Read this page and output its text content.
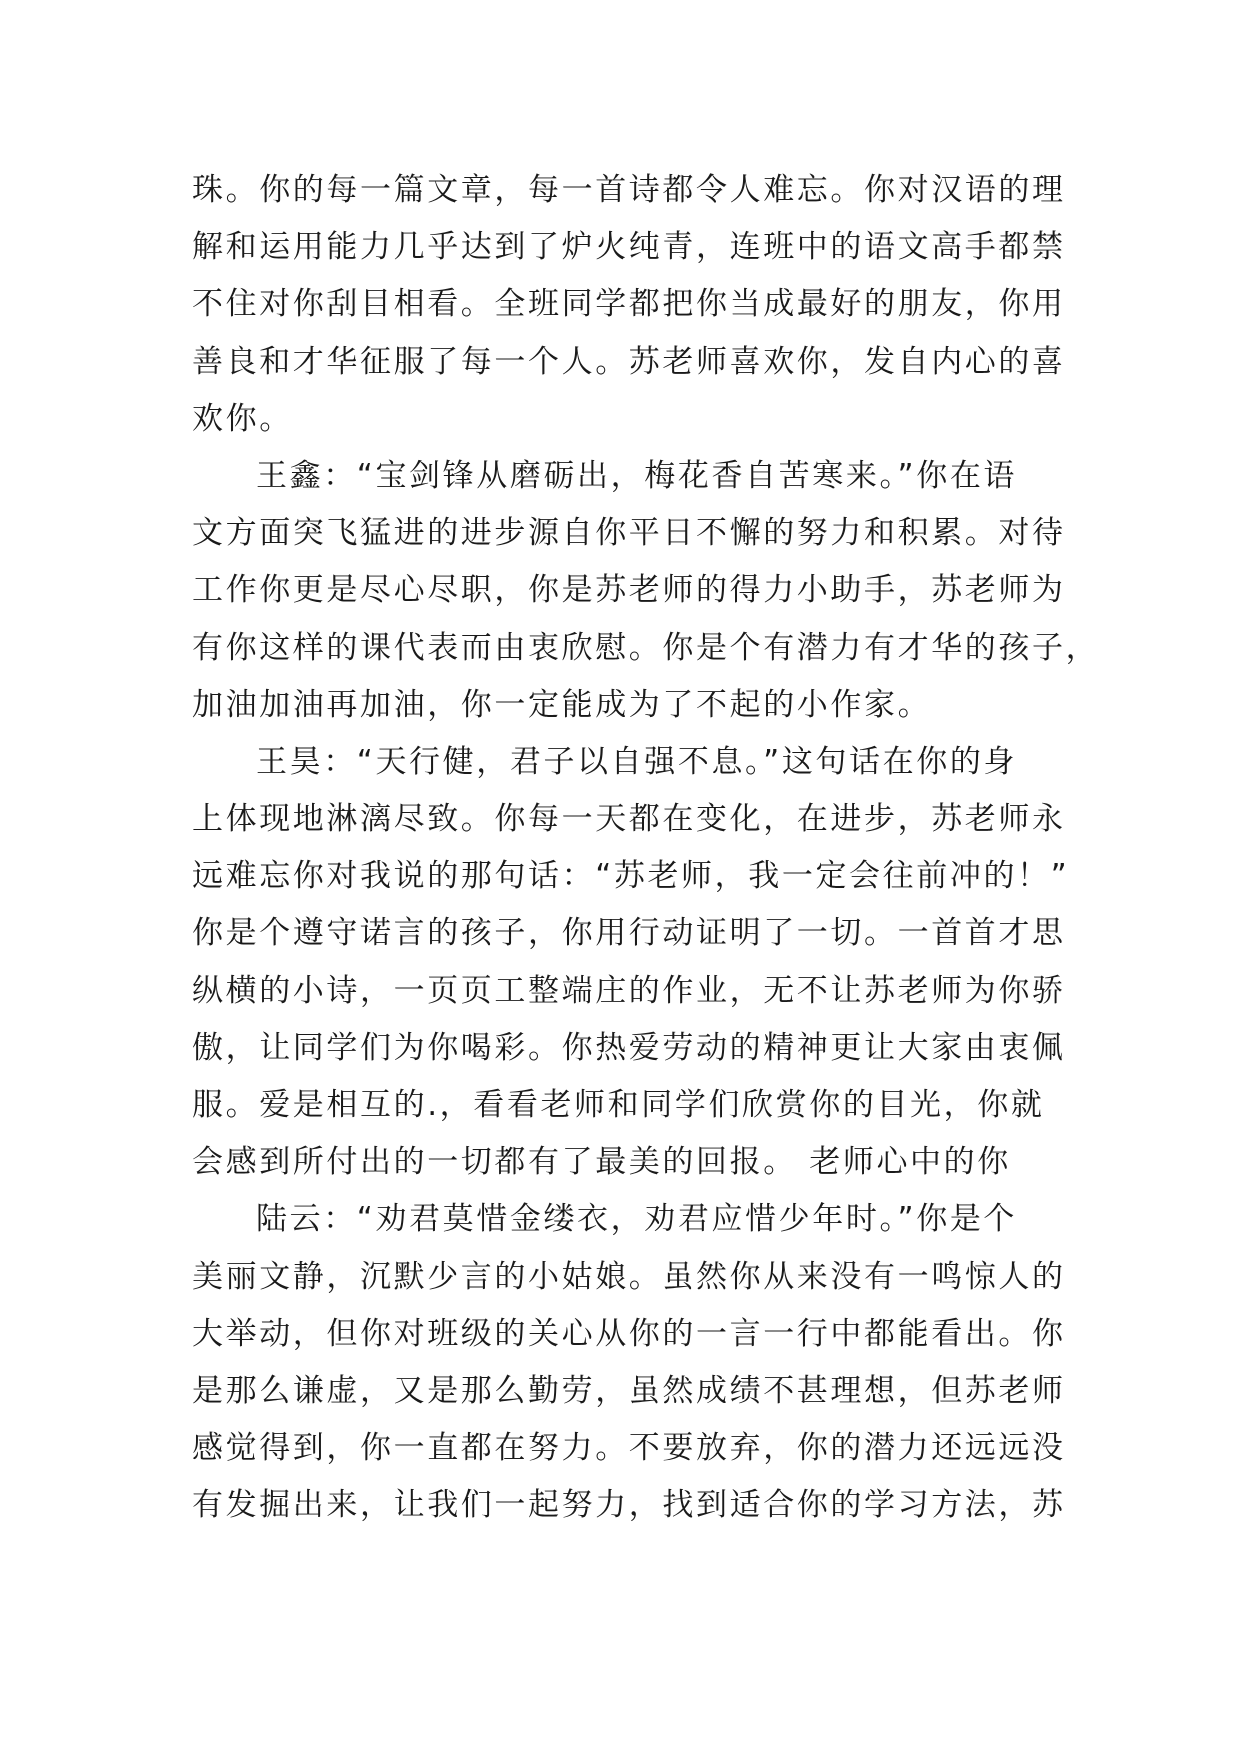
珠。你的每一篇文章，每一首诗都令人难忘。你对汉语的理
解和运用能力几乎达到了炉火纯青，连班中的语文高手都禁
不住对你刮目相看。全班同学都把你当成最好的朋友，你用
善良和才华征服了每一个人。苏老师喜欢你，发自内心的喜
欢你。
王鑫：“宝剑锋从磨砺出，梅花香自苦寒来。”你在语
文方面突飞猛进的进步源自你平日不懈的努力和积累。对待
工作你更是尽心尽职，你是苏老师的得力小助手，苏老师为
有你这样的课代表而由衷欣慰。你是个有潜力有才华的孩子，
加油加油再加油，你一定能成为了不起的小作家。
王昊：“天行健，君子以自强不息。”这句话在你的身
上体现地淋漓尽致。你每一天都在变化，在进步，苏老师永
远难忘你对我说的那句话：“苏老师，我一定会往前冲的！”
你是个遵守诺言的孩子，你用行动证明了一切。一首首才思
纵横的小诗，一页页工整端庄的作业，无不让苏老师为你骄
傲，让同学们为你喝彩。你热爱劳动的精神更让大家由衷佩
服。爱是相互的.，看看老师和同学们欣赏你的目光，你就
会感到所付出的一切都有了最美的回报。 老师心中的你
陆云：“劝君莫惜金缕衣，劝君应惜少年时。”你是个
美丽文静，沉默少言的小姑娘。虽然你从来没有一鸣惊人的
大举动，但你对班级的关心从你的一言一行中都能看出。你
是那么谦虚，又是那么勤劳，虽然成绩不甚理想，但苏老师
感觉得到，你一直都在努力。不要放弃，你的潜力还远远没
有发掘出来，让我们一起努力，找到适合你的学习方法，苏
